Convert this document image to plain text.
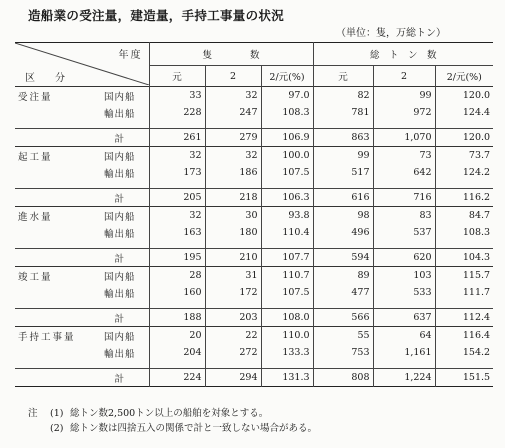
造船業の受注量，建造量，手持工事量の状況
（単位：隻，万総トン）
年度
区   分		隻　　　　数			総　ト　ン　数		
		元	2	2/元(%)	元	2	2/元(%)
受注量	国内船	33	32	97.0	82	99	120.0
	輸出船	228	247	108.3	781	972	124.4

	計	261	279	106.9	863	1,070	120.0
起工量	国内船	32	32	100.0	99	73	73.7
	輸出船	173	186	107.5	517	642	124.2

	計	205	218	106.3	616	716	116.2
進水量	国内船	32	30	93.8	98	83	84.7
	輸出船	163	180	110.4	496	537	108.3

	計	195	210	107.7	594	620	104.3
竣工量	国内船	28	31	110.7	89	103	115.7
	輸出船	160	172	107.5	477	533	111.7

	計	188	203	108.0	566	637	112.4
手持工事量	国内船	20	22	110.0	55	64	116.4
	輸出船	204	272	133.3	753	1,161	154.2

	計	224	294	131.3	808	1,224	151.5
注	(1) 総トン数2,500トン以上の船舶を対象とする。
(2) 総トン数は四捨五入の関係で計と一致しない場合がある。
